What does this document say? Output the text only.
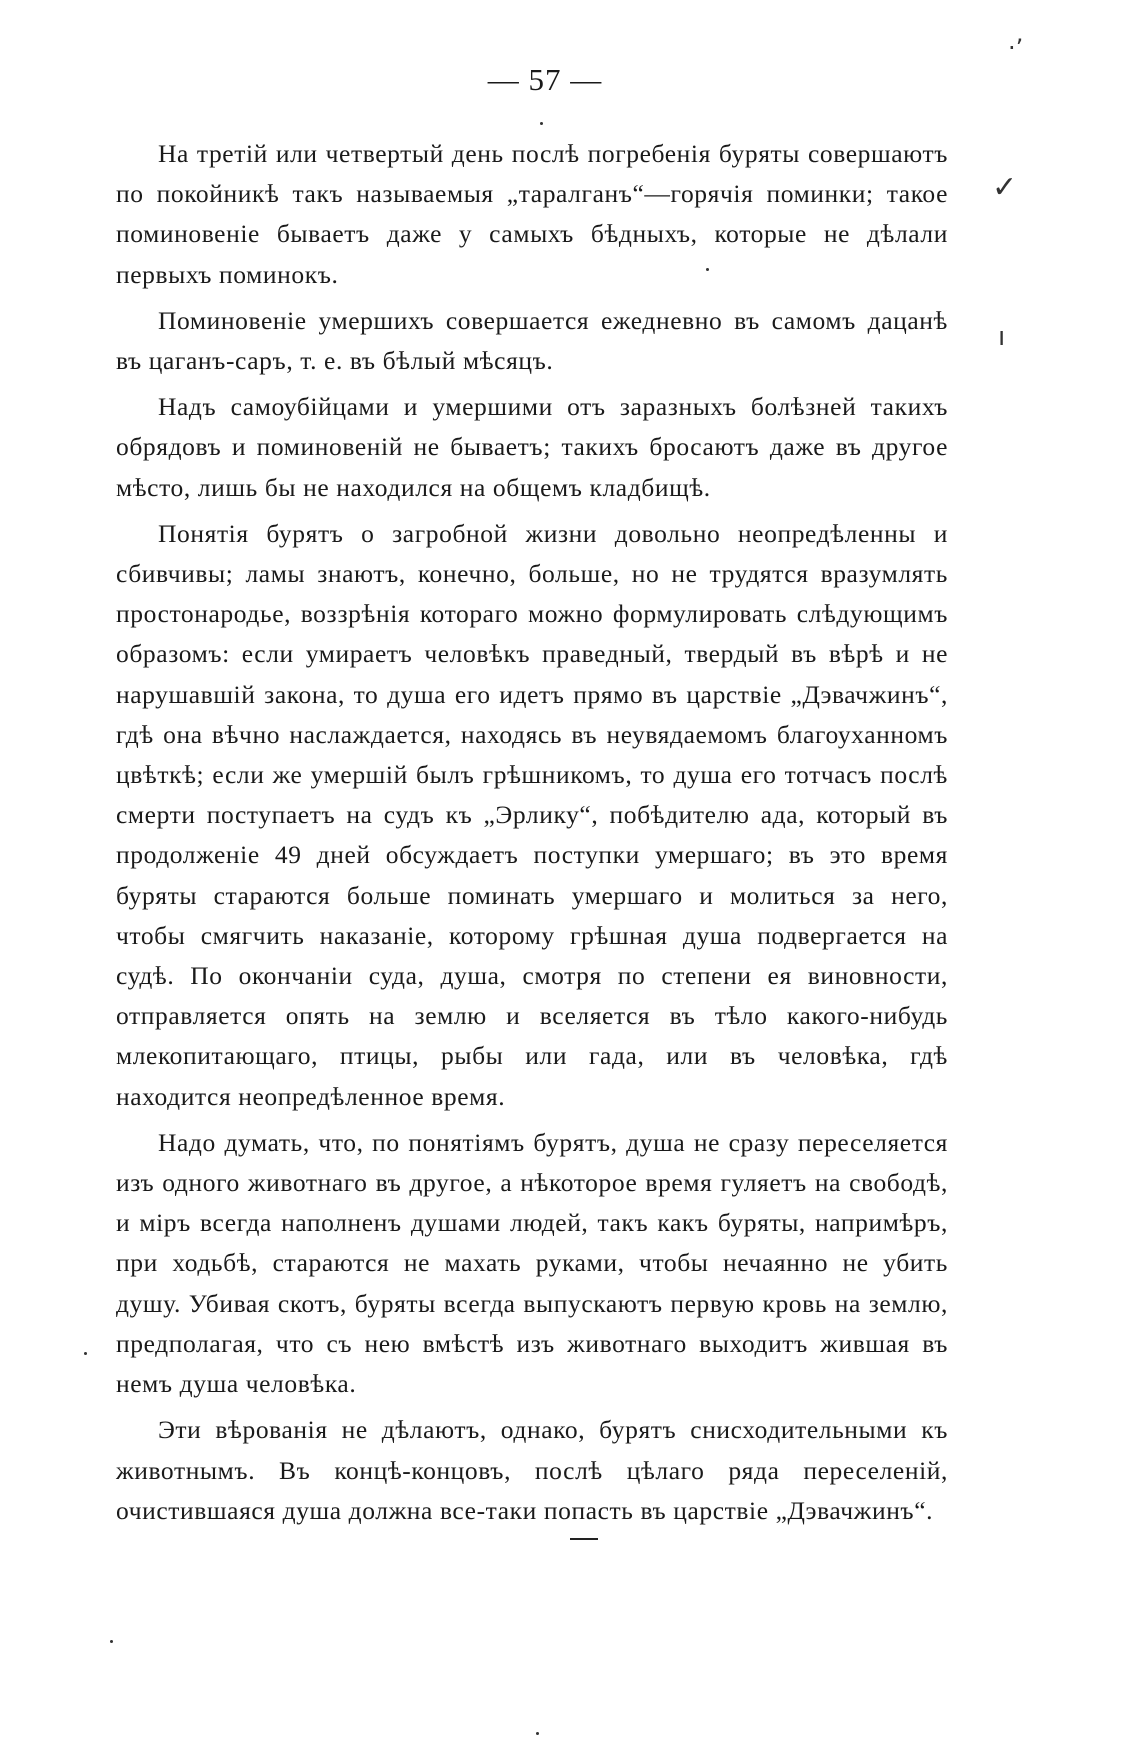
— 57 —

На третій или четвертый день послѣ погребенія буряты совершаютъ по покойникѣ такъ называемыя „таралганъ“—горячія поминки; такое поминовеніе бываетъ даже у самыхъ бѣдныхъ, которые не дѣлали первыхъ поминокъ.

Поминовеніе умершихъ совершается ежедневно въ самомъ дацанѣ въ цаганъ-саръ, т. е. въ бѣлый мѣсяцъ.

Надъ самоубійцами и умершими отъ заразныхъ болѣзней такихъ обрядовъ и поминовеній не бываетъ; такихъ бросаютъ даже въ другое мѣсто, лишь бы не находился на общемъ кладбищѣ.

Понятія бурятъ о загробной жизни довольно неопредѣленны и сбивчивы; ламы знаютъ, конечно, больше, но не трудятся вразумлять простонародье, воззрѣнія котораго можно формулировать слѣдующимъ образомъ: если умираетъ человѣкъ праведный, твердый въ вѣрѣ и не нарушавшій закона, то душа его идетъ прямо въ царствіе „Дэвачжинъ“, гдѣ она вѣчно наслаждается, находясь въ неувядаемомъ благоуханномъ цвѣткѣ; если же умершій былъ грѣшникомъ, то душа его тотчасъ послѣ смерти поступаетъ на судъ къ „Эрлику“, побѣдителю ада, который въ продолженіе 49 дней обсуждаетъ поступки умершаго; въ это время буряты стараются больше поминать умершаго и молиться за него, чтобы смягчить наказаніе, которому грѣшная душа подвергается на судѣ. По окончаніи суда, душа, смотря по степени ея виновности, отправляется опять на землю и вселяется въ тѣло какого-нибудь млекопитающаго, птицы, рыбы или гада, или въ человѣка, гдѣ находится неопредѣленное время.

Надо думать, что, по понятіямъ бурятъ, душа не сразу переселяется изъ одного животнаго въ другое, а нѣкоторое время гуляетъ на свободѣ, и міръ всегда наполненъ душами людей, такъ какъ буряты, напримѣръ, при ходьбѣ, стараются не махать руками, чтобы нечаянно не убить душу. Убивая скотъ, буряты всегда выпускаютъ первую кровь на землю, предполагая, что съ нею вмѣстѣ изъ животнаго выходитъ жившая въ немъ душа человѣка.

Эти вѣрованія не дѣлаютъ, однако, бурятъ снисходительными къ животнымъ. Въ концѣ-концовъ, послѣ цѣлаго ряда переселеній, очистившаяся душа должна все-таки попасть въ царствіе „Дэвачжинъ“.

·ʼ
✓
ı
